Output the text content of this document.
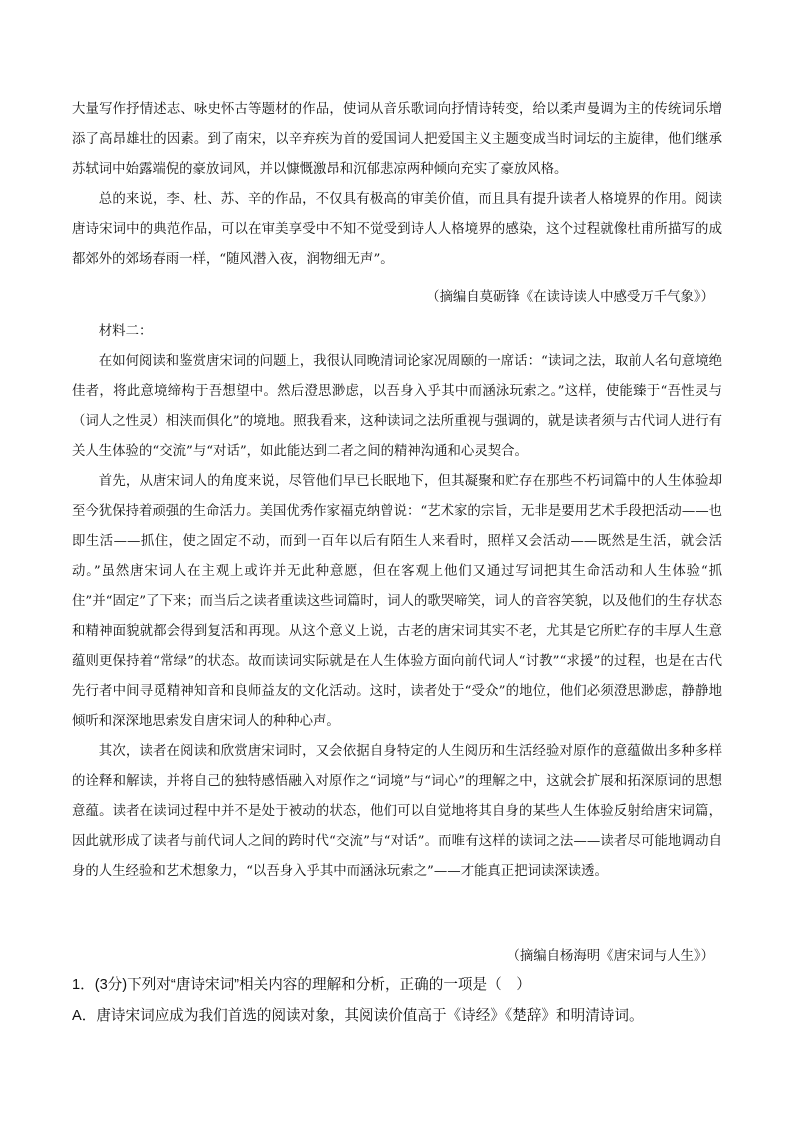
大量写作抒情述志、咏史怀古等题材的作品，使词从音乐歌词向抒情诗转变，给以柔声曼调为主的传统词乐增添了高昂雄壮的因素。到了南宋，以辛弃疾为首的爱国词人把爱国主义主题变成当时词坛的主旋律，他们继承苏轼词中始露端倪的豪放词风，并以慷慨激昂和沉郁悲凉两种倾向充实了豪放风格。

总的来说，李、杜、苏、辛的作品，不仅具有极高的审美价值，而且具有提升读者人格境界的作用。阅读唐诗宋词中的典范作品，可以在审美享受中不知不觉受到诗人人格境界的感染，这个过程就像杜甫所描写的成都郊外的郊场春雨一样，“随风潜入夜，润物细无声”。

（摘编自莫砺锋《在读诗读人中感受万千气象》）

材料二：

在如何阅读和鉴赏唐宋词的问题上，我很认同晚清词论家况周颐的一席话：“读词之法，取前人名句意境绝佳者，将此意境缔构于吾想望中。然后澄思渺虑，以吾身入乎其中而涵泳玩索之。”这样，使能臻于“吾性灵与（词人之性灵）相浃而俱化”的境地。照我看来，这种读词之法所重视与强调的，就是读者须与古代词人进行有关人生体验的“交流”与“对话”，如此能达到二者之间的精神沟通和心灵契合。

首先，从唐宋词人的角度来说，尽管他们早已长眠地下，但其凝聚和贮存在那些不朽词篇中的人生体验却至今犹保持着顽强的生命活力。美国优秀作家福克纳曾说：“艺术家的宗旨，无非是要用艺术手段把活动——也即生活——抓住，使之固定不动，而到一百年以后有陌生人来看时，照样又会活动——既然是生活，就会活动。”虽然唐宋词人在主观上或许并无此种意愿，但在客观上他们又通过写词把其生命活动和人生体验“抓住”并“固定”了下来；而当后之读者重读这些词篇时，词人的歌哭啼笑，词人的音容笑貌，以及他们的生存状态和精神面貌就都会得到复活和再现。从这个意义上说，古老的唐宋词其实不老，尤其是它所贮存的丰厚人生意蕴则更保持着“常绿”的状态。故而读词实际就是在人生体验方面向前代词人“讨教”“求援”的过程，也是在古代先行者中间寻觅精神知音和良师益友的文化活动。这时，读者处于“受众”的地位，他们必须澄思渺虑，静静地倾听和深深地思索发自唐宋词人的种种心声。

其次，读者在阅读和欣赏唐宋词时，又会依据自身特定的人生阅历和生活经验对原作的意蕴做出多种多样的诠释和解读，并将自己的独特感悟融入对原作之“词境”与“词心”的理解之中，这就会扩展和拓深原词的思想意蕴。读者在读词过程中并不是处于被动的状态，他们可以自觉地将其自身的某些人生体验反射给唐宋词篇，因此就形成了读者与前代词人之间的跨时代“交流”与“对话”。而唯有这样的读词之法——读者尽可能地调动自身的人生经验和艺术想象力，“以吾身入乎其中而涵泳玩索之”——才能真正把词读深读透。

（摘编自杨海明《唐宋词与人生》）
1．(3分)下列对“唐诗宋词”相关内容的理解和分析，正确的一项是（　）
A．唐诗宋词应成为我们首选的阅读对象，其阅读价值高于《诗经》《楚辞》和明清诗词。
